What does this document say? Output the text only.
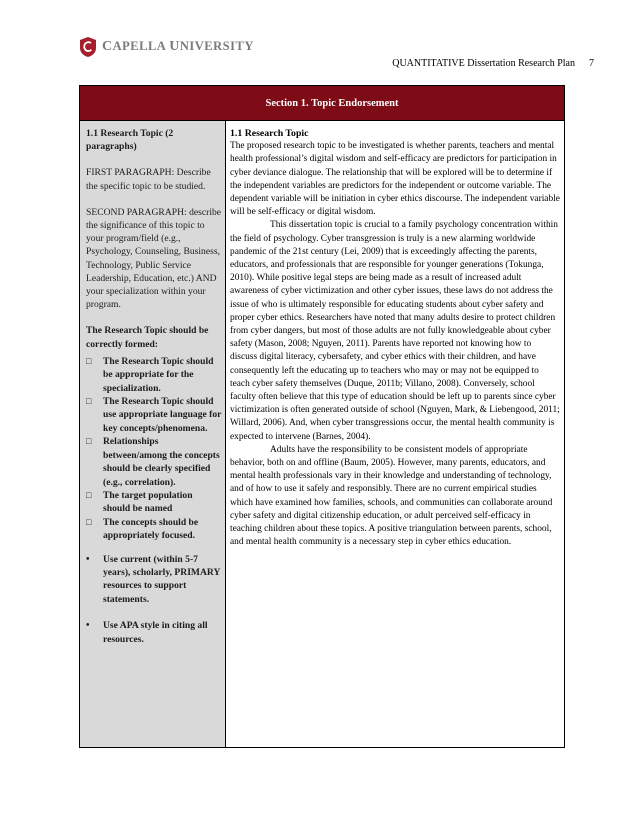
CAPELLA UNIVERSITY
QUANTITATIVE Dissertation Research Plan 7
Section 1. Topic Endorsement

1.1 Research Topic (2 paragraphs)

FIRST PARAGRAPH: Describe the specific topic to be studied.

SECOND PARAGRAPH: describe the significance of this topic to your program/field (e.g., Psychology, Counseling, Business, Technology, Public Service Leadership, Education, etc.) AND your specialization within your program.

The Research Topic should be correctly formed:

□	The Research Topic should be appropriate for the specialization.
□	The Research Topic should use appropriate language for key concepts/phenomena.
□	Relationships between/among the concepts should be clearly specified (e.g., correlation).
□	The target population should be named
□	The concepts should be appropriately focused.
•	Use current (within 5-7 years), scholarly, PRIMARY resources to support statements.
•	Use APA style in citing all resources.
1.1 Research Topic

The proposed research topic to be investigated is whether parents, teachers and mental health professional’s digital wisdom and self-efficacy are predictors for participation in cyber deviance dialogue. The relationship that will be explored will be to determine if the independent variables are predictors for the independent or outcome variable. The dependent variable will be initiation in cyber ethics discourse. The independent variable will be self-efficacy or digital wisdom.

This dissertation topic is crucial to a family psychology concentration within the field of psychology. Cyber transgression is truly is a new alarming worldwide pandemic of the 21st century (Lei, 2009) that is exceedingly affecting the parents, educators, and professionals that are responsible for younger generations (Tokunga, 2010). While positive legal steps are being made as a result of increased adult awareness of cyber victimization and other cyber issues, these laws do not address the issue of who is ultimately responsible for educating students about cyber safety and proper cyber ethics. Researchers have noted that many adults desire to protect children from cyber dangers, but most of those adults are not fully knowledgeable about cyber safety (Mason, 2008; Nguyen, 2011). Parents have reported not knowing how to discuss digital literacy, cybersafety, and cyber ethics with their children, and have consequently left the educating up to teachers who may or may not be equipped to teach cyber safety themselves (Duque, 2011b; Villano, 2008). Conversely, school faculty often believe that this type of education should be left up to parents since cyber victimization is often generated outside of school (Nguyen, Mark, & Liebengood, 2011; Willard, 2006). And, when cyber transgressions occur, the mental health community is expected to intervene (Barnes, 2004).

Adults have the responsibility to be consistent models of appropriate behavior, both on and offline (Baum, 2005). However, many parents, educators, and mental health professionals vary in their knowledge and understanding of technology, and of how to use it safely and responsibly. There are no current empirical studies which have examined how families, schools, and communities can collaborate around cyber safety and digital citizenship education, or adult perceived self-efficacy in teaching children about these topics. A positive triangulation between parents, school, and mental health community is a necessary step in cyber ethics education.
